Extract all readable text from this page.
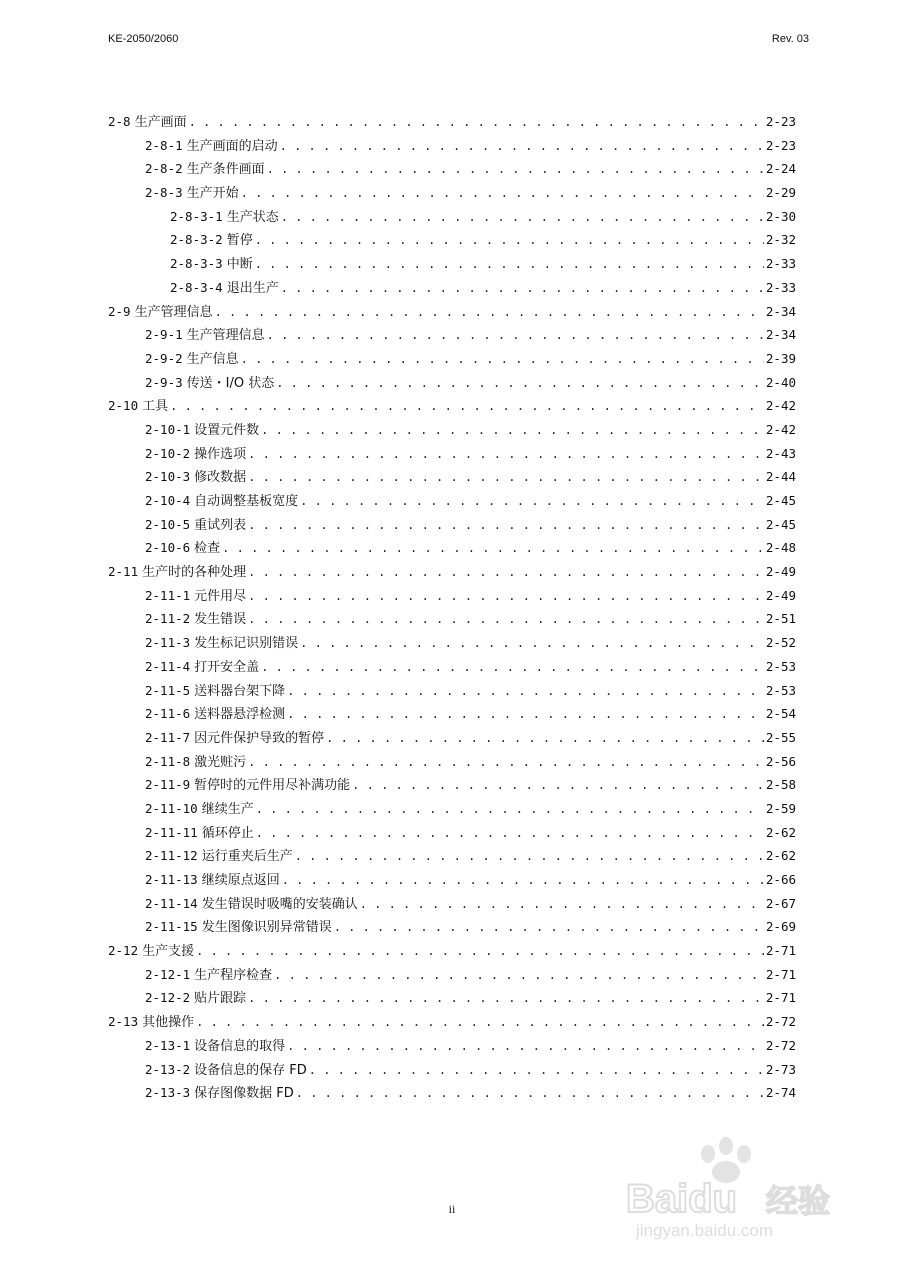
KE-2050/2060	Rev. 03
2-8 生产画面 . . .	2-23
2-8-1 生产画面的启动 . . .	2-23
2-8-2 生产条件画面 . . .	2-24
2-8-3 生产开始 . . .	2-29
2-8-3-1 生产状态 . . .	2-30
2-8-3-2 暂停 . . .	2-32
2-8-3-3 中断 . . .	2-33
2-8-3-4 退出生产 . . .	2-33
2-9 生产管理信息 . . .	2-34
2-9-1 生产管理信息 . . .	2-34
2-9-2 生产信息 . . .	2-39
2-9-3 传送・I/O 状态 . . .	2-40
2-10 工具 . . .	2-42
2-10-1 设置元件数 . . .	2-42
2-10-2 操作选项 . . .	2-43
2-10-3 修改数据 . . .	2-44
2-10-4 自动调整基板宽度 . . .	2-45
2-10-5 重试列表 . . .	2-45
2-10-6 检查 . . .	2-48
2-11 生产时的各种处理 . . .	2-49
2-11-1 元件用尽 . . .	2-49
2-11-2 发生错误 . . .	2-51
2-11-3 发生标记识别错误 . . .	2-52
2-11-4 打开安全盖 . . .	2-53
2-11-5 送料器台架下降 . . .	2-53
2-11-6 送料器悬浮检测 . . .	2-54
2-11-7 因元件保护导致的暂停 . . .	2-55
2-11-8 激光赃污 . . .	2-56
2-11-9 暂停时的元件用尽补满功能 . . .	2-58
2-11-10 继续生产 . . .	2-59
2-11-11 循环停止 . . .	2-62
2-11-12 运行重夹后生产 . . .	2-62
2-11-13 继续原点返回 . . .	2-66
2-11-14 发生错误时吸嘴的安装确认 . . .	2-67
2-11-15 发生图像识别异常错误 . . .	2-69
2-12 生产支援 . . .	2-71
2-12-1 生产程序检查 . . .	2-71
2-12-2 贴片跟踪 . . .	2-71
2-13 其他操作 . . .	2-72
2-13-1 设备信息的取得 . . .	2-72
2-13-2 设备信息的保存 FD . . .	2-73
2-13-3 保存图像数据 FD . . .	2-74
ii	Baidu 经验
jingyan.baidu.com
